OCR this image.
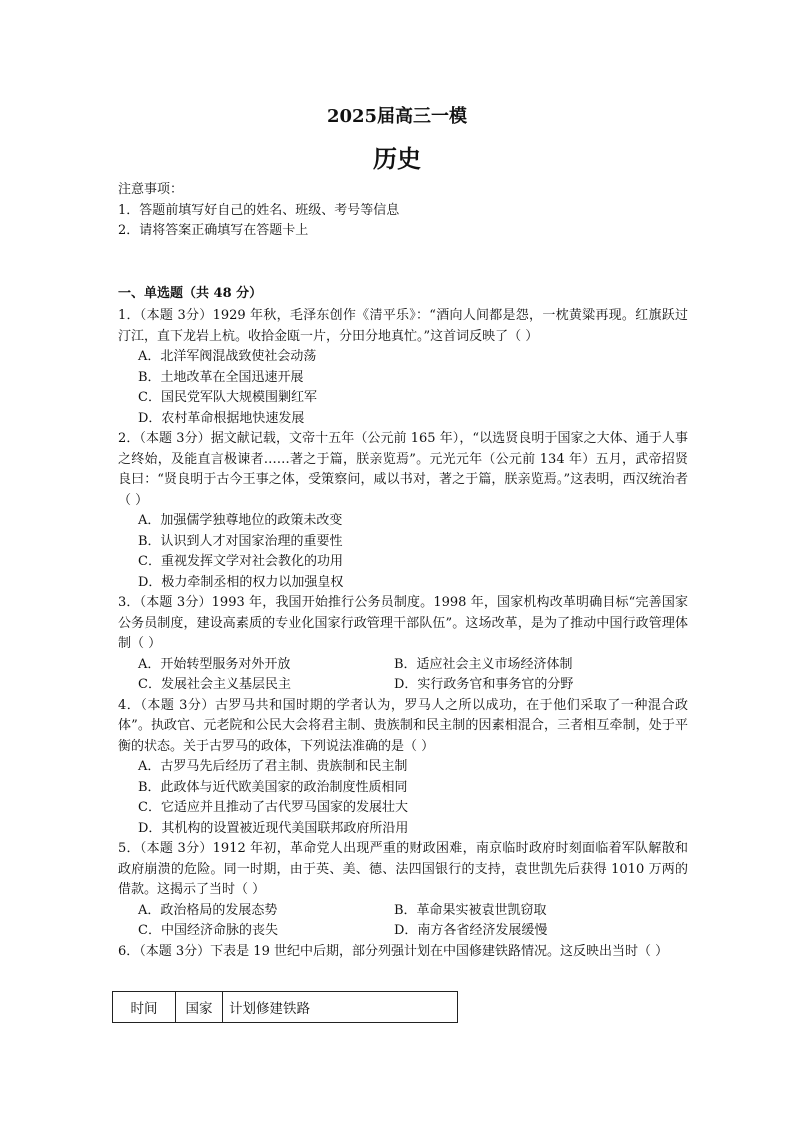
2025届高三一模
历史
注意事项：
1．答题前填写好自己的姓名、班级、考号等信息
2．请将答案正确填写在答题卡上
一、单选题（共 48 分）
1．（本题 3分）1929 年秋，毛泽东创作《清平乐》：“酒向人间都是怨，一枕黄粱再现。红旗跃过汀江，直下龙岩上杭。收拾金瓯一片，分田分地真忙。”这首词反映了（ ）
A．北洋军阀混战致使社会动荡
B．土地改革在全国迅速开展
C．国民党军队大规模围剿红军
D．农村革命根据地快速发展
2．（本题 3分）据文献记载，文帝十五年（公元前 165 年），“以选贤良明于国家之大体、通于人事之终始，及能直言极谏者……著之于篇，朕亲览焉”。元光元年（公元前 134 年）五月，武帝招贤良曰：“贤良明于古今王事之体，受策察问，咸以书对，著之于篇，朕亲览焉。”这表明，西汉统治者（ ）
A．加强儒学独尊地位的政策未改变
B．认识到人才对国家治理的重要性
C．重视发挥文学对社会教化的功用
D．极力牵制丞相的权力以加强皇权
3．（本题 3分）1993 年，我国开始推行公务员制度。1998 年，国家机构改革明确目标“完善国家公务员制度，建设高素质的专业化国家行政管理干部队伍”。这场改革，是为了推动中国行政管理体制（ ）
A．开始转型服务对外开放	B．适应社会主义市场经济体制
C．发展社会主义基层民主	D．实行政务官和事务官的分野
4．（本题 3分）古罗马共和国时期的学者认为，罗马人之所以成功，在于他们采取了一种混合政体”。执政官、元老院和公民大会将君主制、贵族制和民主制的因素相混合，三者相互牵制，处于平衡的状态。关于古罗马的政体，下列说法准确的是（ ）
A．古罗马先后经历了君主制、贵族制和民主制
B．此政体与近代欧美国家的政治制度性质相同
C．它适应并且推动了古代罗马国家的发展壮大
D．其机构的设置被近现代美国联邦政府所沿用
5．（本题 3分）1912 年初，革命党人出现严重的财政困难，南京临时政府时刻面临着军队解散和政府崩溃的危险。同一时期，由于英、美、德、法四国银行的支持，袁世凯先后获得 1010 万两的借款。这揭示了当时（ ）
A．政治格局的发展态势	B．革命果实被袁世凯窃取
C．中国经济命脉的丧失	D．南方各省经济发展缓慢
6．（本题 3分）下表是 19 世纪中后期，部分列强计划在中国修建铁路情况。这反映出当时（ ）
时间	国家	计划修建铁路
